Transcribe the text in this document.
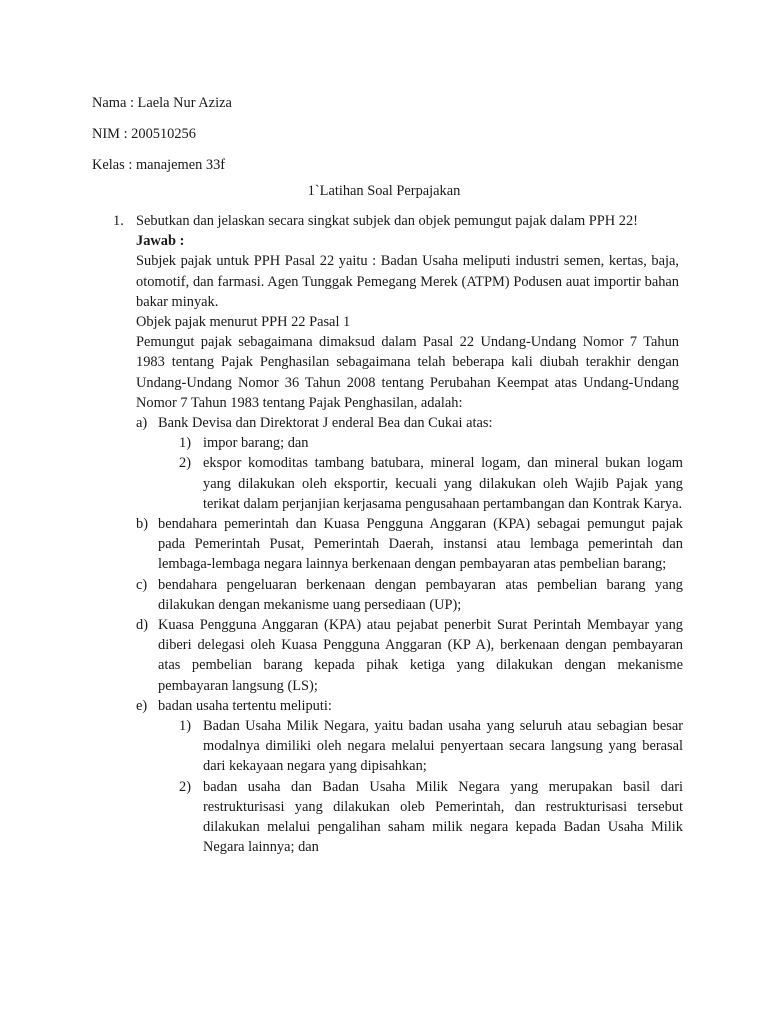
Nama : Laela Nur Aziza
NIM : 200510256
Kelas : manajemen 33f
1`Latihan Soal Perpajakan
1. Sebutkan dan jelaskan secara singkat subjek dan objek pemungut pajak dalam PPH 22!

Jawab :

Subjek pajak untuk PPH Pasal 22 yaitu : Badan Usaha meliputi industri semen, kertas, baja, otomotif, dan farmasi. Agen Tunggak Pemegang Merek (ATPM) Podusen auat importir bahan bakar minyak.

Objek pajak menurut PPH 22 Pasal 1

Pemungut pajak sebagaimana dimaksud dalam Pasal 22 Undang-Undang Nomor 7 Tahun 1983 tentang Pajak Penghasilan sebagaimana telah beberapa kali diubah terakhir dengan Undang-Undang Nomor 36 Tahun 2008 tentang Perubahan Keempat atas Undang-Undang Nomor 7 Tahun 1983 tentang Pajak Penghasilan, adalah:

a) Bank Devisa dan Direktorat J enderal Bea dan Cukai atas:

1) impor barang; dan

2) ekspor komoditas tambang batubara, mineral logam, dan mineral bukan logam yang dilakukan oleh eksportir, kecuali yang dilakukan oleh Wajib Pajak yang terikat dalam perjanjian kerjasama pengusahaan pertambangan dan Kontrak Karya.

b) bendahara pemerintah dan Kuasa Pengguna Anggaran (KPA) sebagai pemungut pajak pada Pemerintah Pusat, Pemerintah Daerah, instansi atau lembaga pemerintah dan lembaga-lembaga negara lainnya berkenaan dengan pembayaran atas pembelian barang;

c) bendahara pengeluaran berkenaan dengan pembayaran atas pembelian barang yang dilakukan dengan mekanisme uang persediaan (UP);

d) Kuasa Pengguna Anggaran (KPA) atau pejabat penerbit Surat Perintah Membayar yang diberi delegasi oleh Kuasa Pengguna Anggaran (KP A), berkenaan dengan pembayaran atas pembelian barang kepada pihak ketiga yang dilakukan dengan mekanisme pembayaran langsung (LS);

e) badan usaha tertentu meliputi:

1) Badan Usaha Milik Negara, yaitu badan usaha yang seluruh atau sebagian besar modalnya dimiliki oleh negara melalui penyertaan secara langsung yang berasal dari kekayaan negara yang dipisahkan;

2) badan usaha dan Badan Usaha Milik Negara yang merupakan basil dari restrukturisasi yang dilakukan oleb Pemerintah, dan restrukturisasi tersebut dilakukan melalui pengalihan saham milik negara kepada Badan Usaha Milik Negara lainnya; dan
